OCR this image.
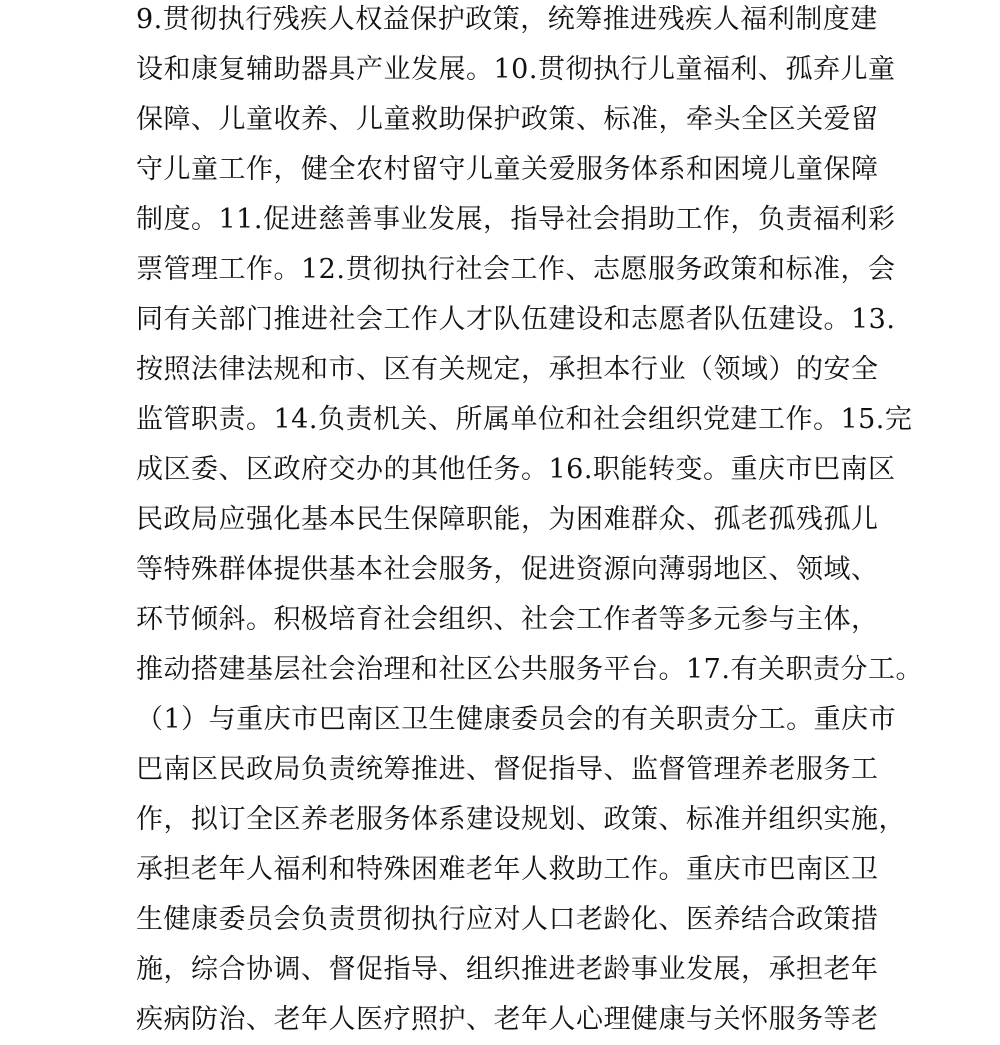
9.贯彻执行残疾人权益保护政策，统筹推进残疾人福利制度建
设和康复辅助器具产业发展。10.贯彻执行儿童福利、孤弃儿童
保障、儿童收养、儿童救助保护政策、标准，牵头全区关爱留
守儿童工作，健全农村留守儿童关爱服务体系和困境儿童保障
制度。11.促进慈善事业发展，指导社会捐助工作，负责福利彩
票管理工作。12.贯彻执行社会工作、志愿服务政策和标准，会
同有关部门推进社会工作人才队伍建设和志愿者队伍建设。13.
按照法律法规和市、区有关规定，承担本行业（领域）的安全
监管职责。14.负责机关、所属单位和社会组织党建工作。15.完
成区委、区政府交办的其他任务。16.职能转变。重庆市巴南区
民政局应强化基本民生保障职能，为困难群众、孤老孤残孤儿
等特殊群体提供基本社会服务，促进资源向薄弱地区、领域、
环节倾斜。积极培育社会组织、社会工作者等多元参与主体，
推动搭建基层社会治理和社区公共服务平台。17.有关职责分工。
（1）与重庆市巴南区卫生健康委员会的有关职责分工。重庆市
巴南区民政局负责统筹推进、督促指导、监督管理养老服务工
作，拟订全区养老服务体系建设规划、政策、标准并组织实施，
承担老年人福利和特殊困难老年人救助工作。重庆市巴南区卫
生健康委员会负责贯彻执行应对人口老龄化、医养结合政策措
施，综合协调、督促指导、组织推进老龄事业发展，承担老年
疾病防治、老年人医疗照护、老年人心理健康与关怀服务等老
